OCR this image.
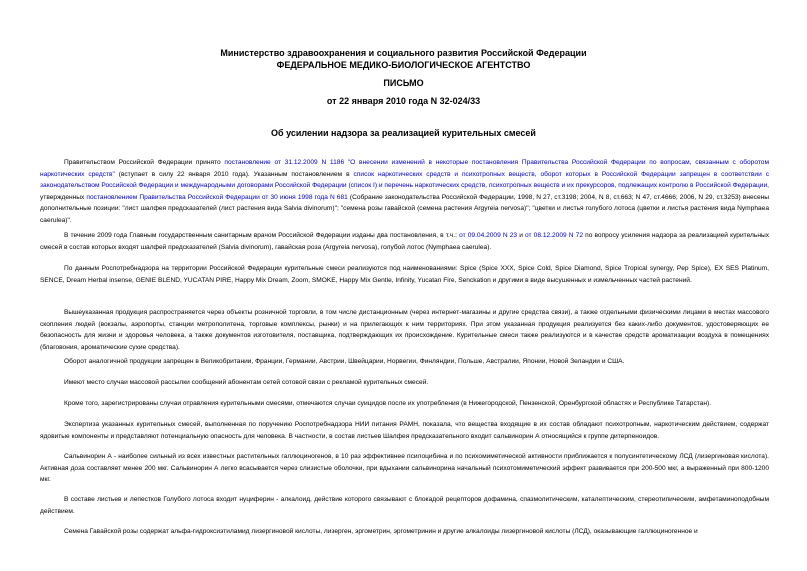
Министерство здравоохранения и социального развития Российской Федерации
ФЕДЕРАЛЬНОЕ МЕДИКО-БИОЛОГИЧЕСКОЕ АГЕНТСТВО
ПИСЬМО
от 22 января 2010 года N 32-024/33
Об усилении надзора за реализацией курительных смесей

Правительством Российской Федерации принято постановление от 31.12.2009 N 1186 "О внесении изменений в некоторые постановления Правительства Российской Федерации по вопросам, связанным с оборотом наркотических средств" (вступает в силу 22 января 2010 года). Указанным постановлением в список наркотических средств и психотропных веществ, оборот которых в Российской Федерации запрещен в соответствии с законодательством Российской Федерации и международными договорами Российской Федерации (список I) и перечень наркотических средств, психотропных веществ и их прекурсоров, подлежащих контролю в Российской Федерации, утвержденных постановлением Правительства Российской Федерации от 30 июня 1998 года N 681 (Собрание законодательства Российской Федерации, 1998, N 27, ст.3198; 2004, N 8, ст.663; N 47, ст.4666; 2006, N 29, ст.3253) внесены дополнительные позиции: "лист шалфея предсказателей (лист растения вида Salvia divinorum)"; "семена розы гавайской (семена растения Argyreia nervosa)"; "цветки и листья голубого лотоса (цветки и листья растения вида Nymphaea caerulea)".

В течение 2009 года Главным государственным санитарным врачом Российской Федерации изданы два постановления, в т.ч.: от 09.04.2009 N 23 и от 08.12.2009 N 72 по вопросу усиления надзора за реализацией курительных смесей в состав которых входят шалфей предсказателей (Salvia divinorum), гавайская роза (Argyreia nervosa), голубой лотос (Nymphaea caerulea).

По данным Роспотребнадзора на территории Российской Федерации курительные смеси реализуются под наименованиями: Spice (Spice XXX, Spice Cold, Spice Diamond, Spice Tropical synergy, Pep Spice), EX SES Platinum, SENCE, Dream Herbal insense, GENIE BLEND, YUCATAN PIRE, Happy Mix Dream, Zoom, SMOKE, Happy Mix Gentle, Infinity, Yucatan Fire, Senckation и другими в виде высушенных и измельченных частей растений.

Вышеуказанная продукция распространяется через объекты розничной торговли, в том числе дистанционным (через интернет-магазины и другие средства связи), а также отдельными физическими лицами в местах массового скопления людей (вокзалы, аэропорты, станции метрополитена, торговые комплексы, рынки) и на прилегающих к ним территориях. При этом указанная продукция реализуется без каких-либо документов, удостоверяющих ее безопасность для жизни и здоровья человека, а также документов изготовителя, поставщика, подтверждающих их происхождение. Курительные смеси также реализуются и в качестве средств ароматизации воздуха в помещениях (благовония, ароматические сухие средства).

Оборот аналогичной продукции запрещен в Великобритании, Франции, Германии, Австрии, Швейцарии, Норвегии, Финляндии, Польше, Австралии, Японии, Новой Зеландии и США.

Имеют место случаи массовой рассылки сообщений абонентам сетей сотовой связи с рекламой курительных смесей.

Кроме того, зарегистрированы случаи отравления курительными смесями, отмечаются случаи суицидов после их употребления (в Нижегородской, Пензенской, Оренбургской областях и Республике Татарстан).

Экспертиза указанных курительных смесей, выполненная по поручению Роспотребнадзора НИИ питания РАМН, показала, что вещества входящие в их состав обладают психотропным, наркотическим действием, содержат ядовитые компоненты и представляют потенциальную опасность для человека. В частности, в состав листьев Шалфея предсказательного входит сальвинорин А относящийся к группе дитерпеноидов.

Сальвинорин А - наиболее сильный из всех известных растительных галлюциногенов, в 10 раз эффективнее псилоцибина и по психомиметической активности приближается к полусинтетическому ЛСД (лизергиновая кислота). Активная доза составляет менее 200 мкг. Сальвинорин А легко всасывается через слизистые оболочки, при вдыхании сальвинорина начальный психотомиметический эффект развивается при 200-500 мкг, а выраженный при 800-1200 мкг.

В составе листьев и лепестков Голубого лотоса входит нуциферин - алкалоид, действие которого связывают с блокадой рецепторов дофамина, спазмолитическим, каталептическим, стереотипическим, амфетаминоподобным действием.

Семена Гавайской розы содержат альфа-гидроксиэтиламид лизергиновой кислоты, лизерген, эргометрин, эргометринин и другие алкалоиды лизергиновой кислоты (ЛСД), оказывающие галлюциногенное и
